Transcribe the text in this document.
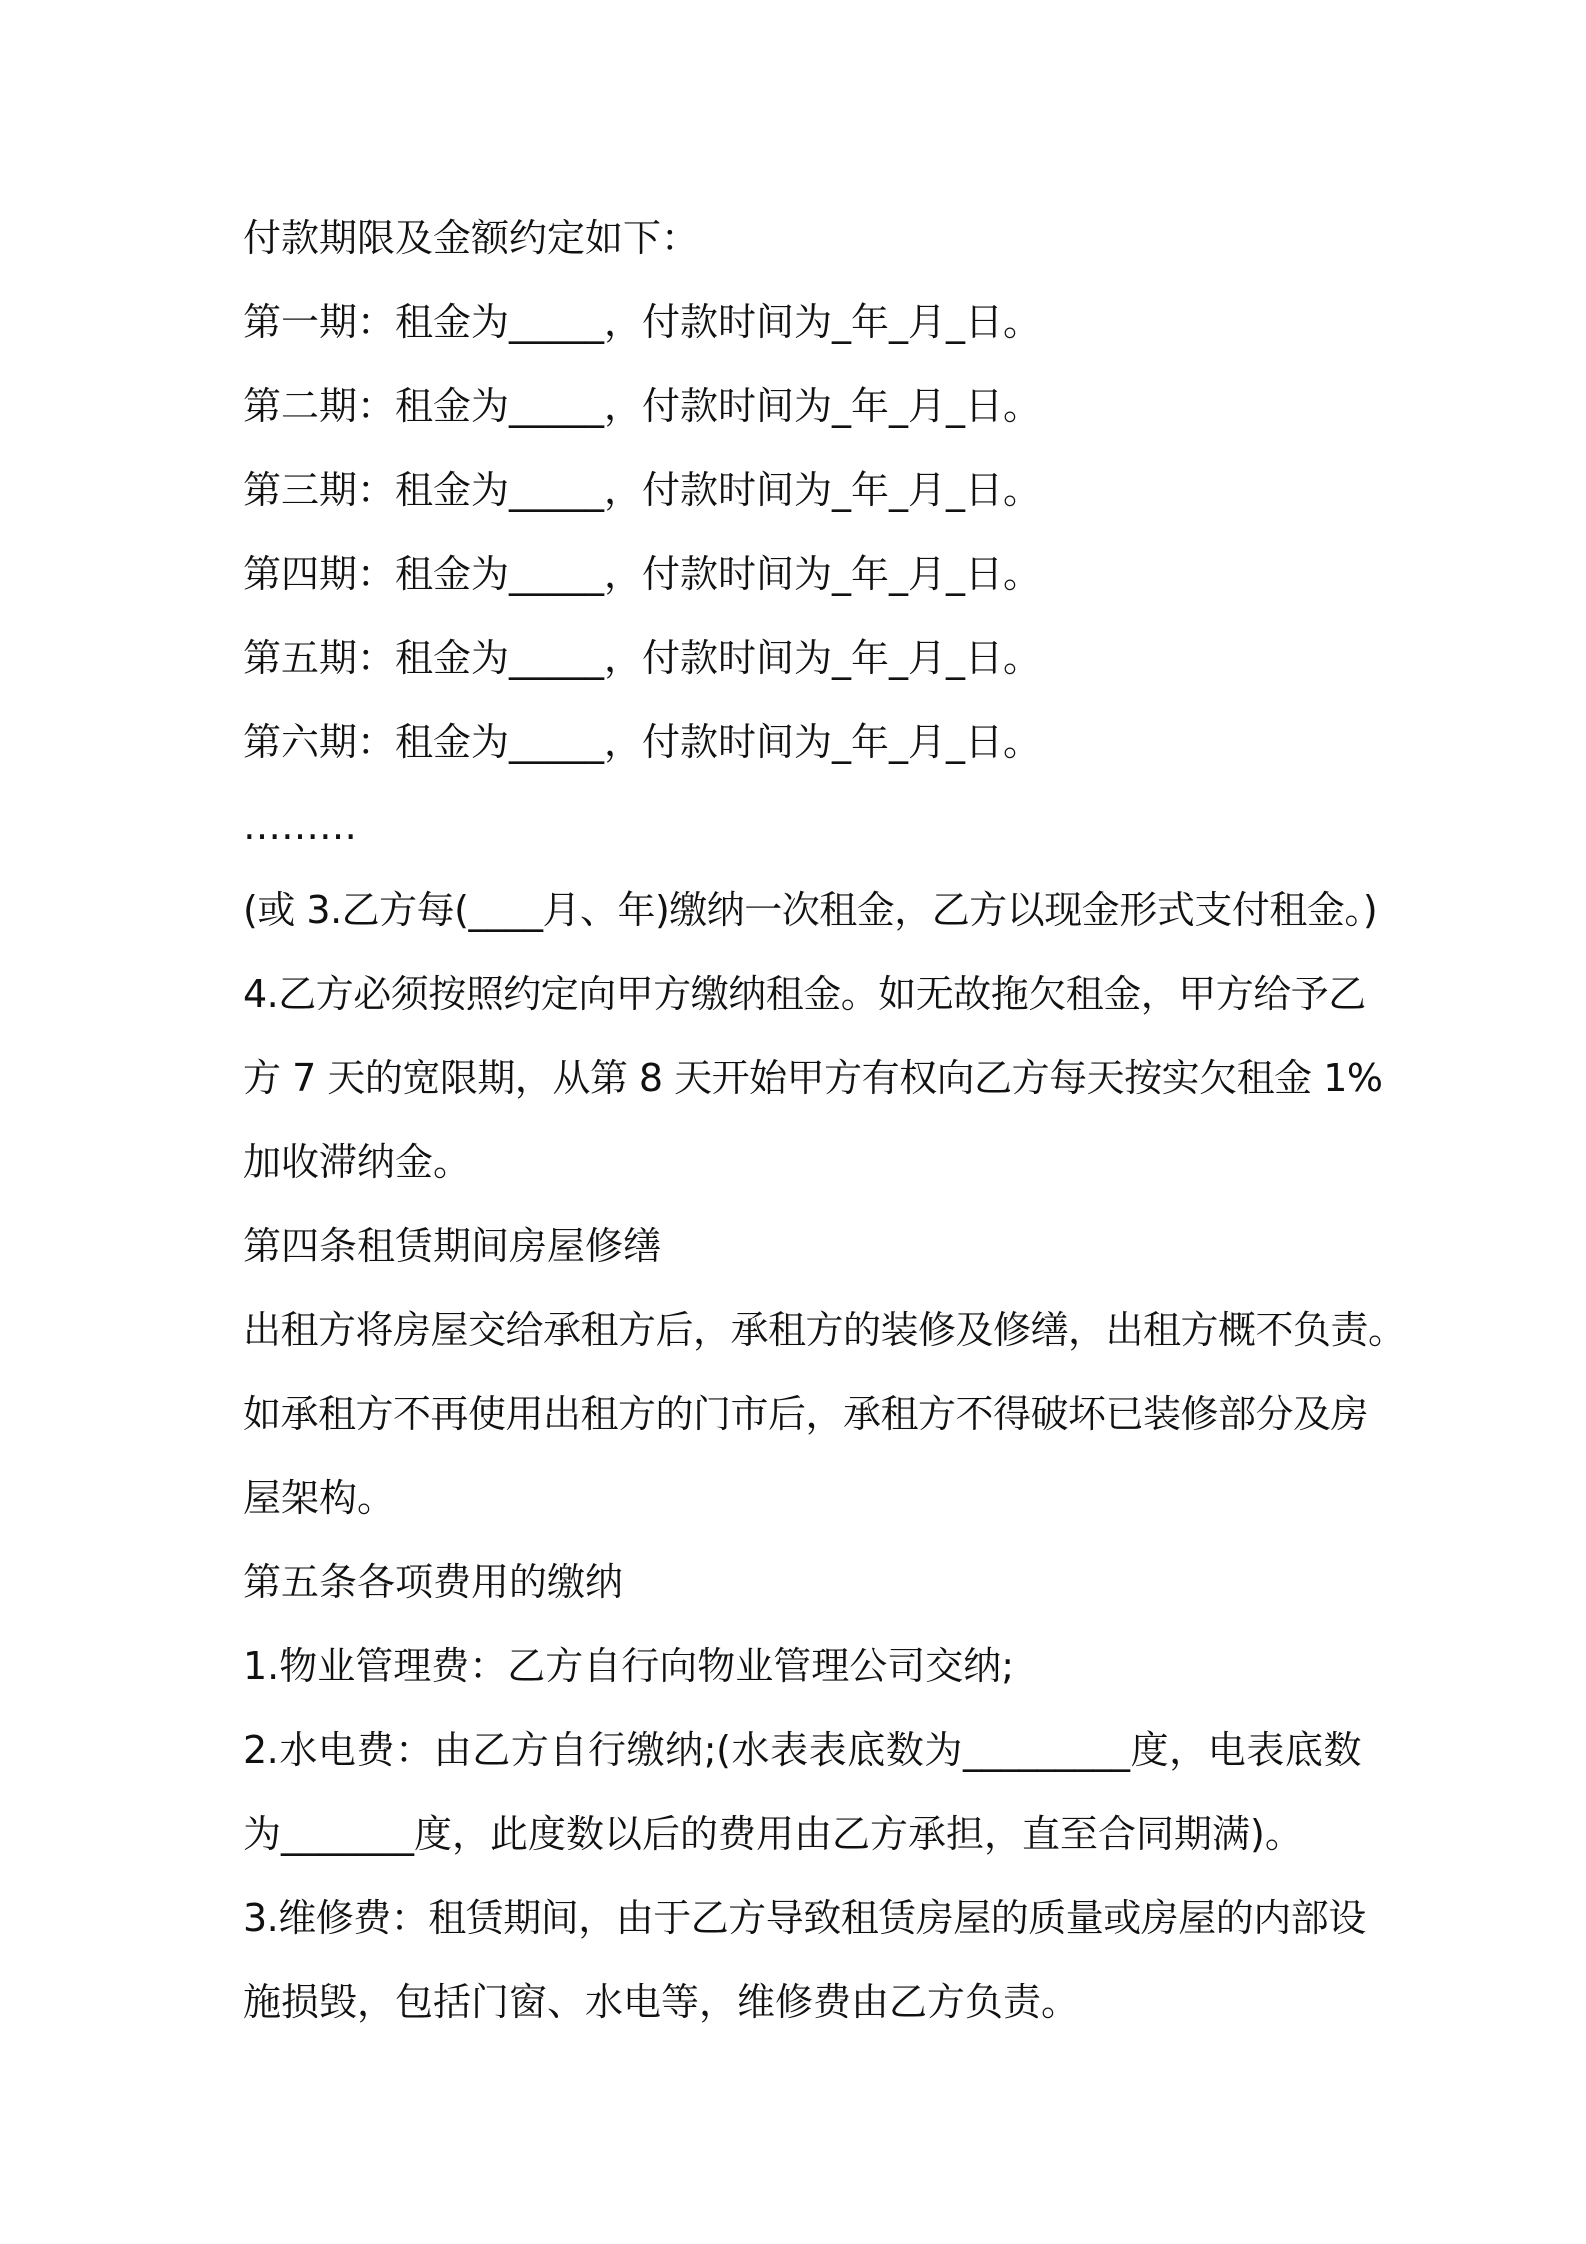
付款期限及金额约定如下：
第一期：租金为_____，付款时间为_年_月_日。
第二期：租金为_____，付款时间为_年_月_日。
第三期：租金为_____，付款时间为_年_月_日。
第四期：租金为_____，付款时间为_年_月_日。
第五期：租金为_____，付款时间为_年_月_日。
第六期：租金为_____，付款时间为_年_月_日。
………
(或 3.乙方每(____月、年)缴纳一次租金，乙方以现金形式支付租金。)
4.乙方必须按照约定向甲方缴纳租金。如无故拖欠租金，甲方给予乙
方 7 天的宽限期，从第 8 天开始甲方有权向乙方每天按实欠租金 1%
加收滞纳金。
第四条租赁期间房屋修缮
出租方将房屋交给承租方后，承租方的装修及修缮，出租方概不负责。
如承租方不再使用出租方的门市后，承租方不得破坏已装修部分及房
屋架构。
第五条各项费用的缴纳
1.物业管理费：乙方自行向物业管理公司交纳;
2.水电费：由乙方自行缴纳;(水表表底数为_________度，电表底数
为_______度，此度数以后的费用由乙方承担，直至合同期满)。
3.维修费：租赁期间，由于乙方导致租赁房屋的质量或房屋的内部设
施损毁，包括门窗、水电等，维修费由乙方负责。
